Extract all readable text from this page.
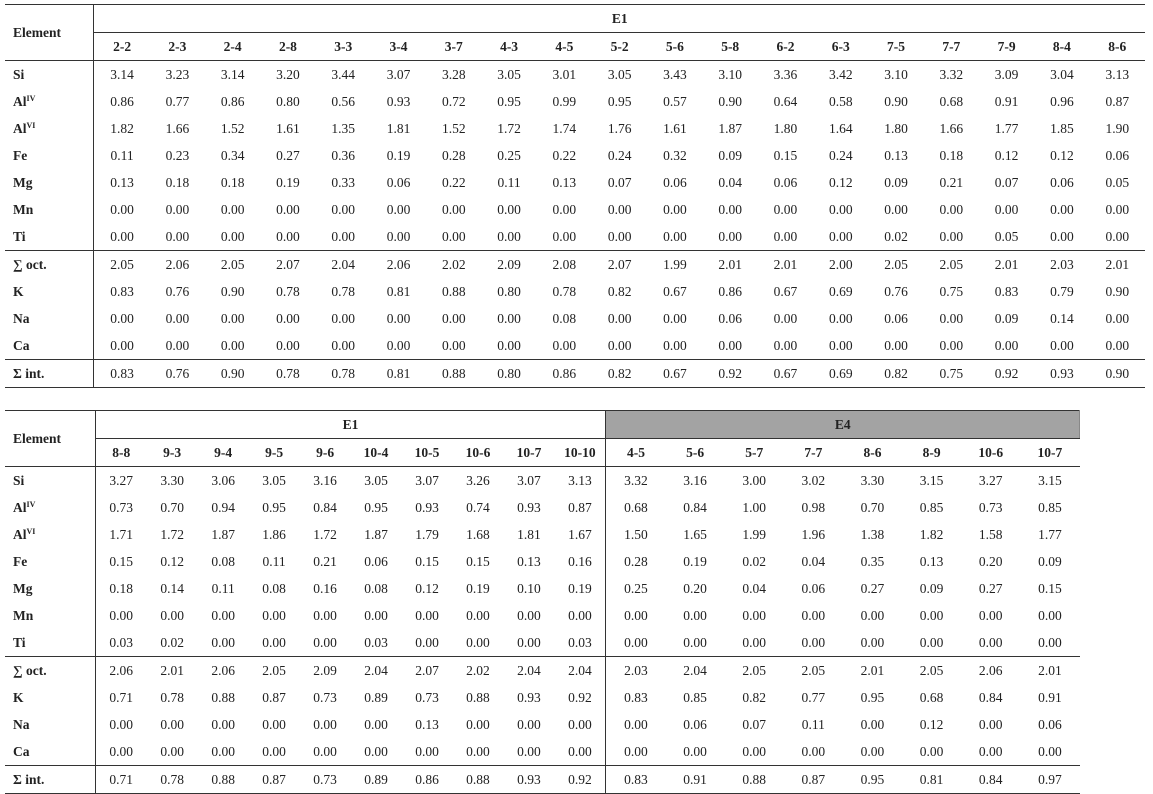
Element	E1																		
	2-2	2-3	2-4	2-8	3-3	3-4	3-7	4-3	4-5	5-2	5-6	5-8	6-2	6-3	7-5	7-7	7-9	8-4	8-6
Si	3.14	3.23	3.14	3.20	3.44	3.07	3.28	3.05	3.01	3.05	3.43	3.10	3.36	3.42	3.10	3.32	3.09	3.04	3.13
$Al^{IV}$	0.86	0.77	0.86	0.80	0.56	0.93	0.72	0.95	0.99	0.95	0.57	0.90	0.64	0.58	0.90	0.68	0.91	0.96	0.87
$Al^{VI}$	1.82	1.66	1.52	1.61	1.35	1.81	1.52	1.72	1.74	1.76	1.61	1.87	1.80	1.64	1.80	1.66	1.77	1.85	1.90
Fe	0.11	0.23	0.34	0.27	0.36	0.19	0.28	0.25	0.22	0.24	0.32	0.09	0.15	0.24	0.13	0.18	0.12	0.12	0.06
Mg	0.13	0.18	0.18	0.19	0.33	0.06	0.22	0.11	0.13	0.07	0.06	0.04	0.06	0.12	0.09	0.21	0.07	0.06	0.05
Mn	0.00	0.00	0.00	0.00	0.00	0.00	0.00	0.00	0.00	0.00	0.00	0.00	0.00	0.00	0.00	0.00	0.00	0.00	0.00
Ti	0.00	0.00	0.00	0.00	0.00	0.00	0.00	0.00	0.00	0.00	0.00	0.00	0.00	0.00	0.02	0.00	0.05	0.00	0.00
∑ oct.	2.05	2.06	2.05	2.07	2.04	2.06	2.02	2.09	2.08	2.07	1.99	2.01	2.01	2.00	2.05	2.05	2.01	2.03	2.01
K	0.83	0.76	0.90	0.78	0.78	0.81	0.88	0.80	0.78	0.82	0.67	0.86	0.67	0.69	0.76	0.75	0.83	0.79	0.90
Na	0.00	0.00	0.00	0.00	0.00	0.00	0.00	0.00	0.08	0.00	0.00	0.06	0.00	0.00	0.06	0.00	0.09	0.14	0.00
Ca	0.00	0.00	0.00	0.00	0.00	0.00	0.00	0.00	0.00	0.00	0.00	0.00	0.00	0.00	0.00	0.00	0.00	0.00	0.00
Σ int.	0.83	0.76	0.90	0.78	0.78	0.81	0.88	0.80	0.86	0.82	0.67	0.92	0.67	0.69	0.82	0.75	0.92	0.93	0.90
Element	E1										E4							
	8-8	9-3	9-4	9-5	9-6	10-4	10-5	10-6	10-7	10-10	4-5	5-6	5-7	7-7	8-6	8-9	10-6	10-7
Si	3.27	3.30	3.06	3.05	3.16	3.05	3.07	3.26	3.07	3.13	3.32	3.16	3.00	3.02	3.30	3.15	3.27	3.15
$Al^{IV}$	0.73	0.70	0.94	0.95	0.84	0.95	0.93	0.74	0.93	0.87	0.68	0.84	1.00	0.98	0.70	0.85	0.73	0.85
$Al^{VI}$	1.71	1.72	1.87	1.86	1.72	1.87	1.79	1.68	1.81	1.67	1.50	1.65	1.99	1.96	1.38	1.82	1.58	1.77
Fe	0.15	0.12	0.08	0.11	0.21	0.06	0.15	0.15	0.13	0.16	0.28	0.19	0.02	0.04	0.35	0.13	0.20	0.09
Mg	0.18	0.14	0.11	0.08	0.16	0.08	0.12	0.19	0.10	0.19	0.25	0.20	0.04	0.06	0.27	0.09	0.27	0.15
Mn	0.00	0.00	0.00	0.00	0.00	0.00	0.00	0.00	0.00	0.00	0.00	0.00	0.00	0.00	0.00	0.00	0.00	0.00
Ti	0.03	0.02	0.00	0.00	0.00	0.03	0.00	0.00	0.00	0.03	0.00	0.00	0.00	0.00	0.00	0.00	0.00	0.00
∑ oct.	2.06	2.01	2.06	2.05	2.09	2.04	2.07	2.02	2.04	2.04	2.03	2.04	2.05	2.05	2.01	2.05	2.06	2.01
K	0.71	0.78	0.88	0.87	0.73	0.89	0.73	0.88	0.93	0.92	0.83	0.85	0.82	0.77	0.95	0.68	0.84	0.91
Na	0.00	0.00	0.00	0.00	0.00	0.00	0.13	0.00	0.00	0.00	0.00	0.06	0.07	0.11	0.00	0.12	0.00	0.06
Ca	0.00	0.00	0.00	0.00	0.00	0.00	0.00	0.00	0.00	0.00	0.00	0.00	0.00	0.00	0.00	0.00	0.00	0.00
Σ int.	0.71	0.78	0.88	0.87	0.73	0.89	0.86	0.88	0.93	0.92	0.83	0.91	0.88	0.87	0.95	0.81	0.84	0.97
